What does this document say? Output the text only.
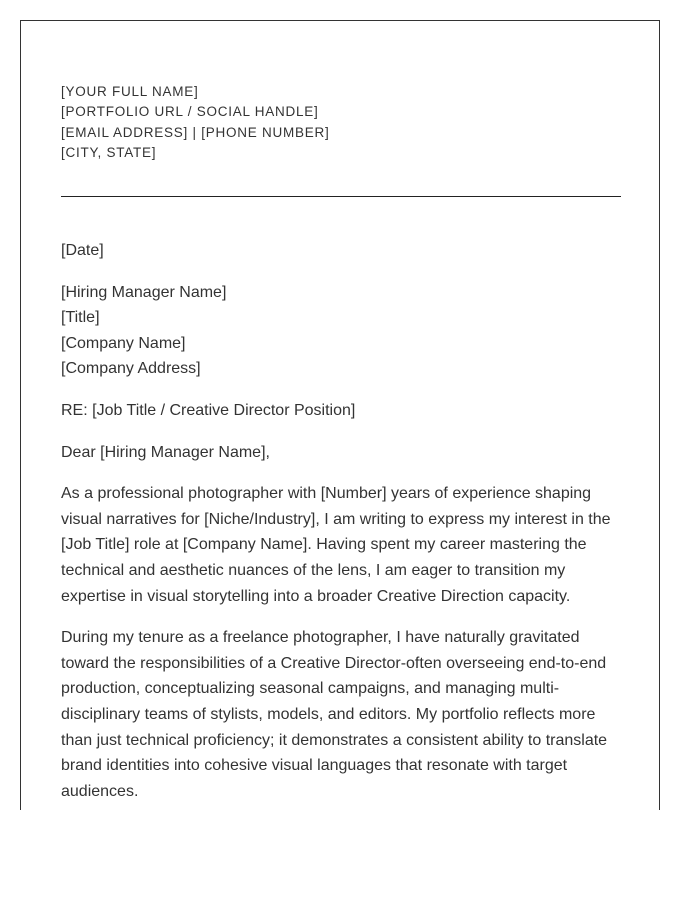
[YOUR FULL NAME]
[PORTFOLIO URL / SOCIAL HANDLE]
[EMAIL ADDRESS] | [PHONE NUMBER]
[CITY, STATE]

[Date]

[Hiring Manager Name]
[Title]
[Company Name]
[Company Address]

RE: [Job Title / Creative Director Position]

Dear [Hiring Manager Name],

As a professional photographer with [Number] years of experience shaping visual narratives for [Niche/Industry], I am writing to express my interest in the [Job Title] role at [Company Name]. Having spent my career mastering the technical and aesthetic nuances of the lens, I am eager to transition my expertise in visual storytelling into a broader Creative Direction capacity.

During my tenure as a freelance photographer, I have naturally gravitated toward the responsibilities of a Creative Director-often overseeing end-to-end production, conceptualizing seasonal campaigns, and managing multi-disciplinary teams of stylists, models, and editors. My portfolio reflects more than just technical proficiency; it demonstrates a consistent ability to translate brand identities into cohesive visual languages that resonate with target audiences.
